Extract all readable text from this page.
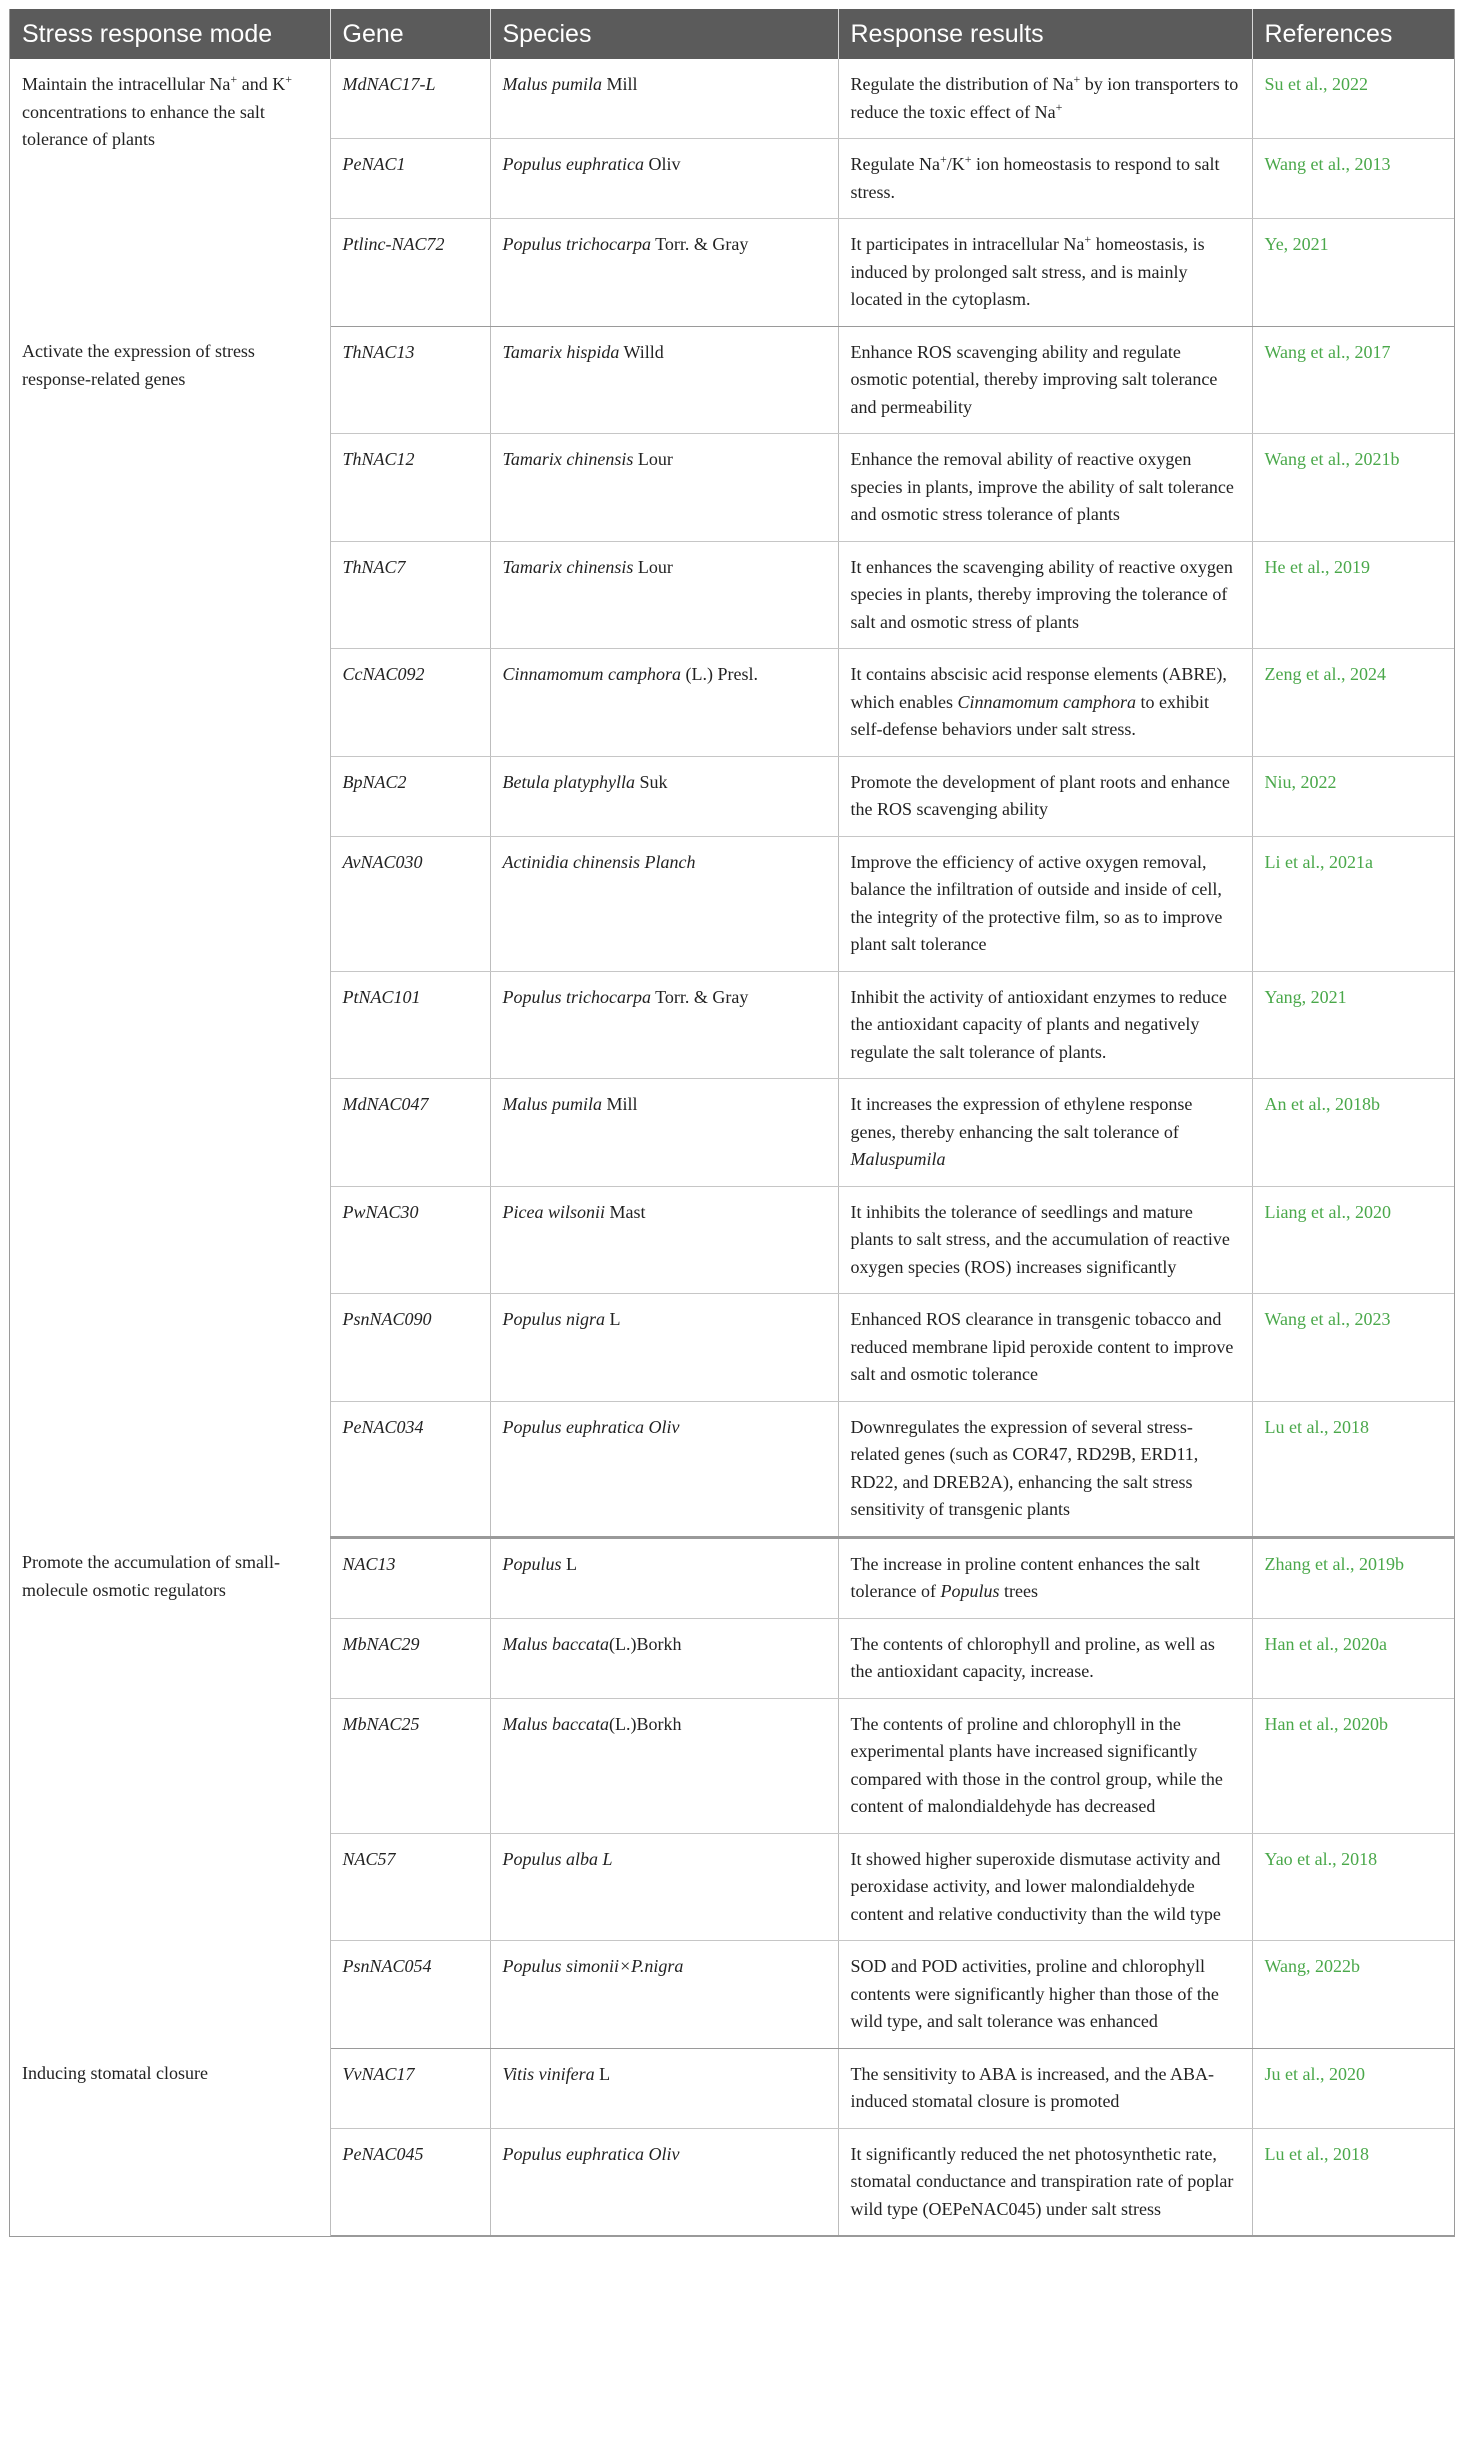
Stress response mode	Gene	Species	Response results	References
Maintain the intracellular Na+ and K+ concentrations to enhance the salt tolerance of plants	MdNAC17-L	Malus pumila Mill	Regulate the distribution of Na+ by ion transporters to reduce the toxic effect of Na+	Su et al., 2022
	PeNAC1	Populus euphratica Oliv	Regulate Na+/K+ ion homeostasis to respond to salt stress.	Wang et al., 2013
	Ptlinc-NAC72	Populus trichocarpa Torr. & Gray	It participates in intracellular Na+ homeostasis, is induced by prolonged salt stress, and is mainly located in the cytoplasm.	Ye, 2021
Activate the expression of stress response-related genes	ThNAC13	Tamarix hispida Willd	Enhance ROS scavenging ability and regulate osmotic potential, thereby improving salt tolerance and permeability	Wang et al., 2017
	ThNAC12	Tamarix chinensis Lour	Enhance the removal ability of reactive oxygen species in plants, improve the ability of salt tolerance and osmotic stress tolerance of plants	Wang et al., 2021b
	ThNAC7	Tamarix chinensis Lour	It enhances the scavenging ability of reactive oxygen species in plants, thereby improving the tolerance of salt and osmotic stress of plants	He et al., 2019
	CcNAC092	Cinnamomum camphora (L.) Presl.	It contains abscisic acid response elements (ABRE), which enables Cinnamomum camphora to exhibit self-defense behaviors under salt stress.	Zeng et al., 2024
	BpNAC2	Betula platyphylla Suk	Promote the development of plant roots and enhance the ROS scavenging ability	Niu, 2022
	AvNAC030	Actinidia chinensis Planch	Improve the efficiency of active oxygen removal, balance the infiltration of outside and inside of cell, the integrity of the protective film, so as to improve plant salt tolerance	Li et al., 2021a
	PtNAC101	Populus trichocarpa Torr. & Gray	Inhibit the activity of antioxidant enzymes to reduce the antioxidant capacity of plants and negatively regulate the salt tolerance of plants.	Yang, 2021
	MdNAC047	Malus pumila Mill	It increases the expression of ethylene response genes, thereby enhancing the salt tolerance of Maluspumila	An et al., 2018b
	PwNAC30	Picea wilsonii Mast	It inhibits the tolerance of seedlings and mature plants to salt stress, and the accumulation of reactive oxygen species (ROS) increases significantly	Liang et al., 2020
	PsnNAC090	Populus nigra L	Enhanced ROS clearance in transgenic tobacco and reduced membrane lipid peroxide content to improve salt and osmotic tolerance	Wang et al., 2023
	PeNAC034	Populus euphratica Oliv	Downregulates the expression of several stress-related genes (such as COR47, RD29B, ERD11, RD22, and DREB2A), enhancing the salt stress sensitivity of transgenic plants	Lu et al., 2018
Promote the accumulation of small-molecule osmotic regulators	NAC13	Populus L	The increase in proline content enhances the salt tolerance of Populus trees	Zhang et al., 2019b
	MbNAC29	Malus baccata(L.)Borkh	The contents of chlorophyll and proline, as well as the antioxidant capacity, increase.	Han et al., 2020a
	MbNAC25	Malus baccata(L.)Borkh	The contents of proline and chlorophyll in the experimental plants have increased significantly compared with those in the control group, while the content of malondialdehyde has decreased	Han et al., 2020b
	NAC57	Populus alba L	It showed higher superoxide dismutase activity and peroxidase activity, and lower malondialdehyde content and relative conductivity than the wild type	Yao et al., 2018
	PsnNAC054	Populus simonii×P.nigra	SOD and POD activities, proline and chlorophyll contents were significantly higher than those of the wild type, and salt tolerance was enhanced	Wang, 2022b
Inducing stomatal closure	VvNAC17	Vitis vinifera L	The sensitivity to ABA is increased, and the ABA-induced stomatal closure is promoted	Ju et al., 2020
	PeNAC045	Populus euphratica Oliv	It significantly reduced the net photosynthetic rate, stomatal conductance and transpiration rate of poplar wild type (OEPeNAC045) under salt stress	Lu et al., 2018
